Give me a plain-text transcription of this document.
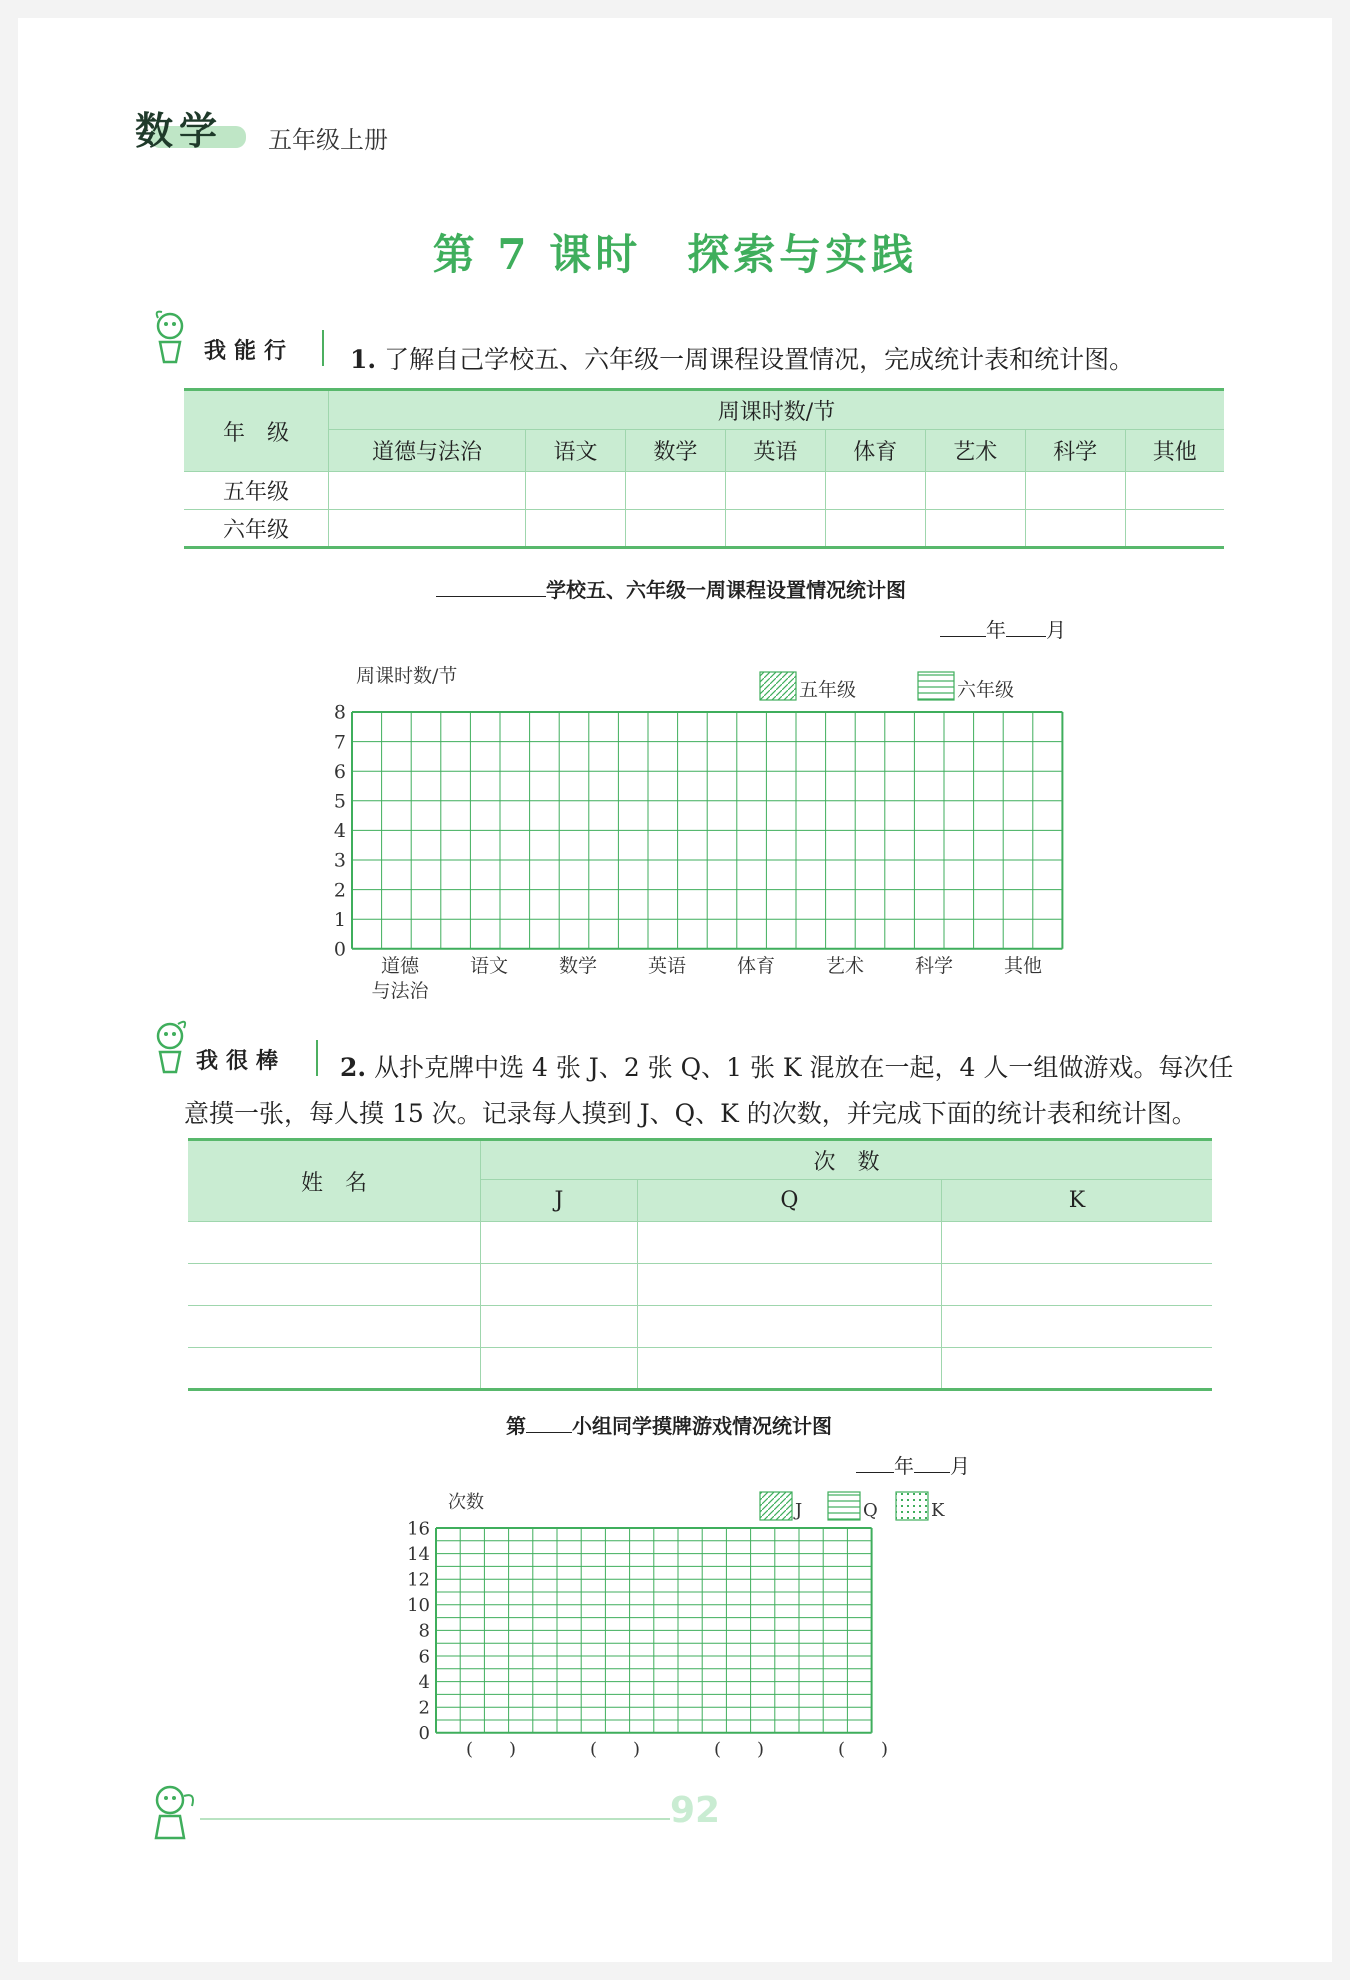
数学 五年级上册
第 7 课时　探索与实践
我能行 1. 了解自己学校五、六年级一周课程设置情况，完成统计表和统计图。
年　级	周课时数/节							
	道德与法治	语文	数学	英语	体育	艺术	科学	其他
五年级								
六年级								
学校五、六年级一周课程设置情况统计图
年 月
周课时数/节
五年级	六年级
0
1
2
3
4
5
6
7
8
道德
与法治
语文	数学	英语	体育	艺术	科学	其他
我很棒 2. 从扑克牌中选 4 张 J、2 张 Q、1 张 K 混放在一起，4 人一组做游戏。每次任
意摸一张，每人摸 15 次。记录每人摸到 J、Q、K 的次数，并完成下面的统计表和统计图。
姓　名	次　数		
	J	Q	K

第 小组同学摸牌游戏情况统计图
年 月
次数	J	Q	K
0
2
4
6
8
10
12
14
16
(　　)	(　　)	(　　)	(　　)
92
